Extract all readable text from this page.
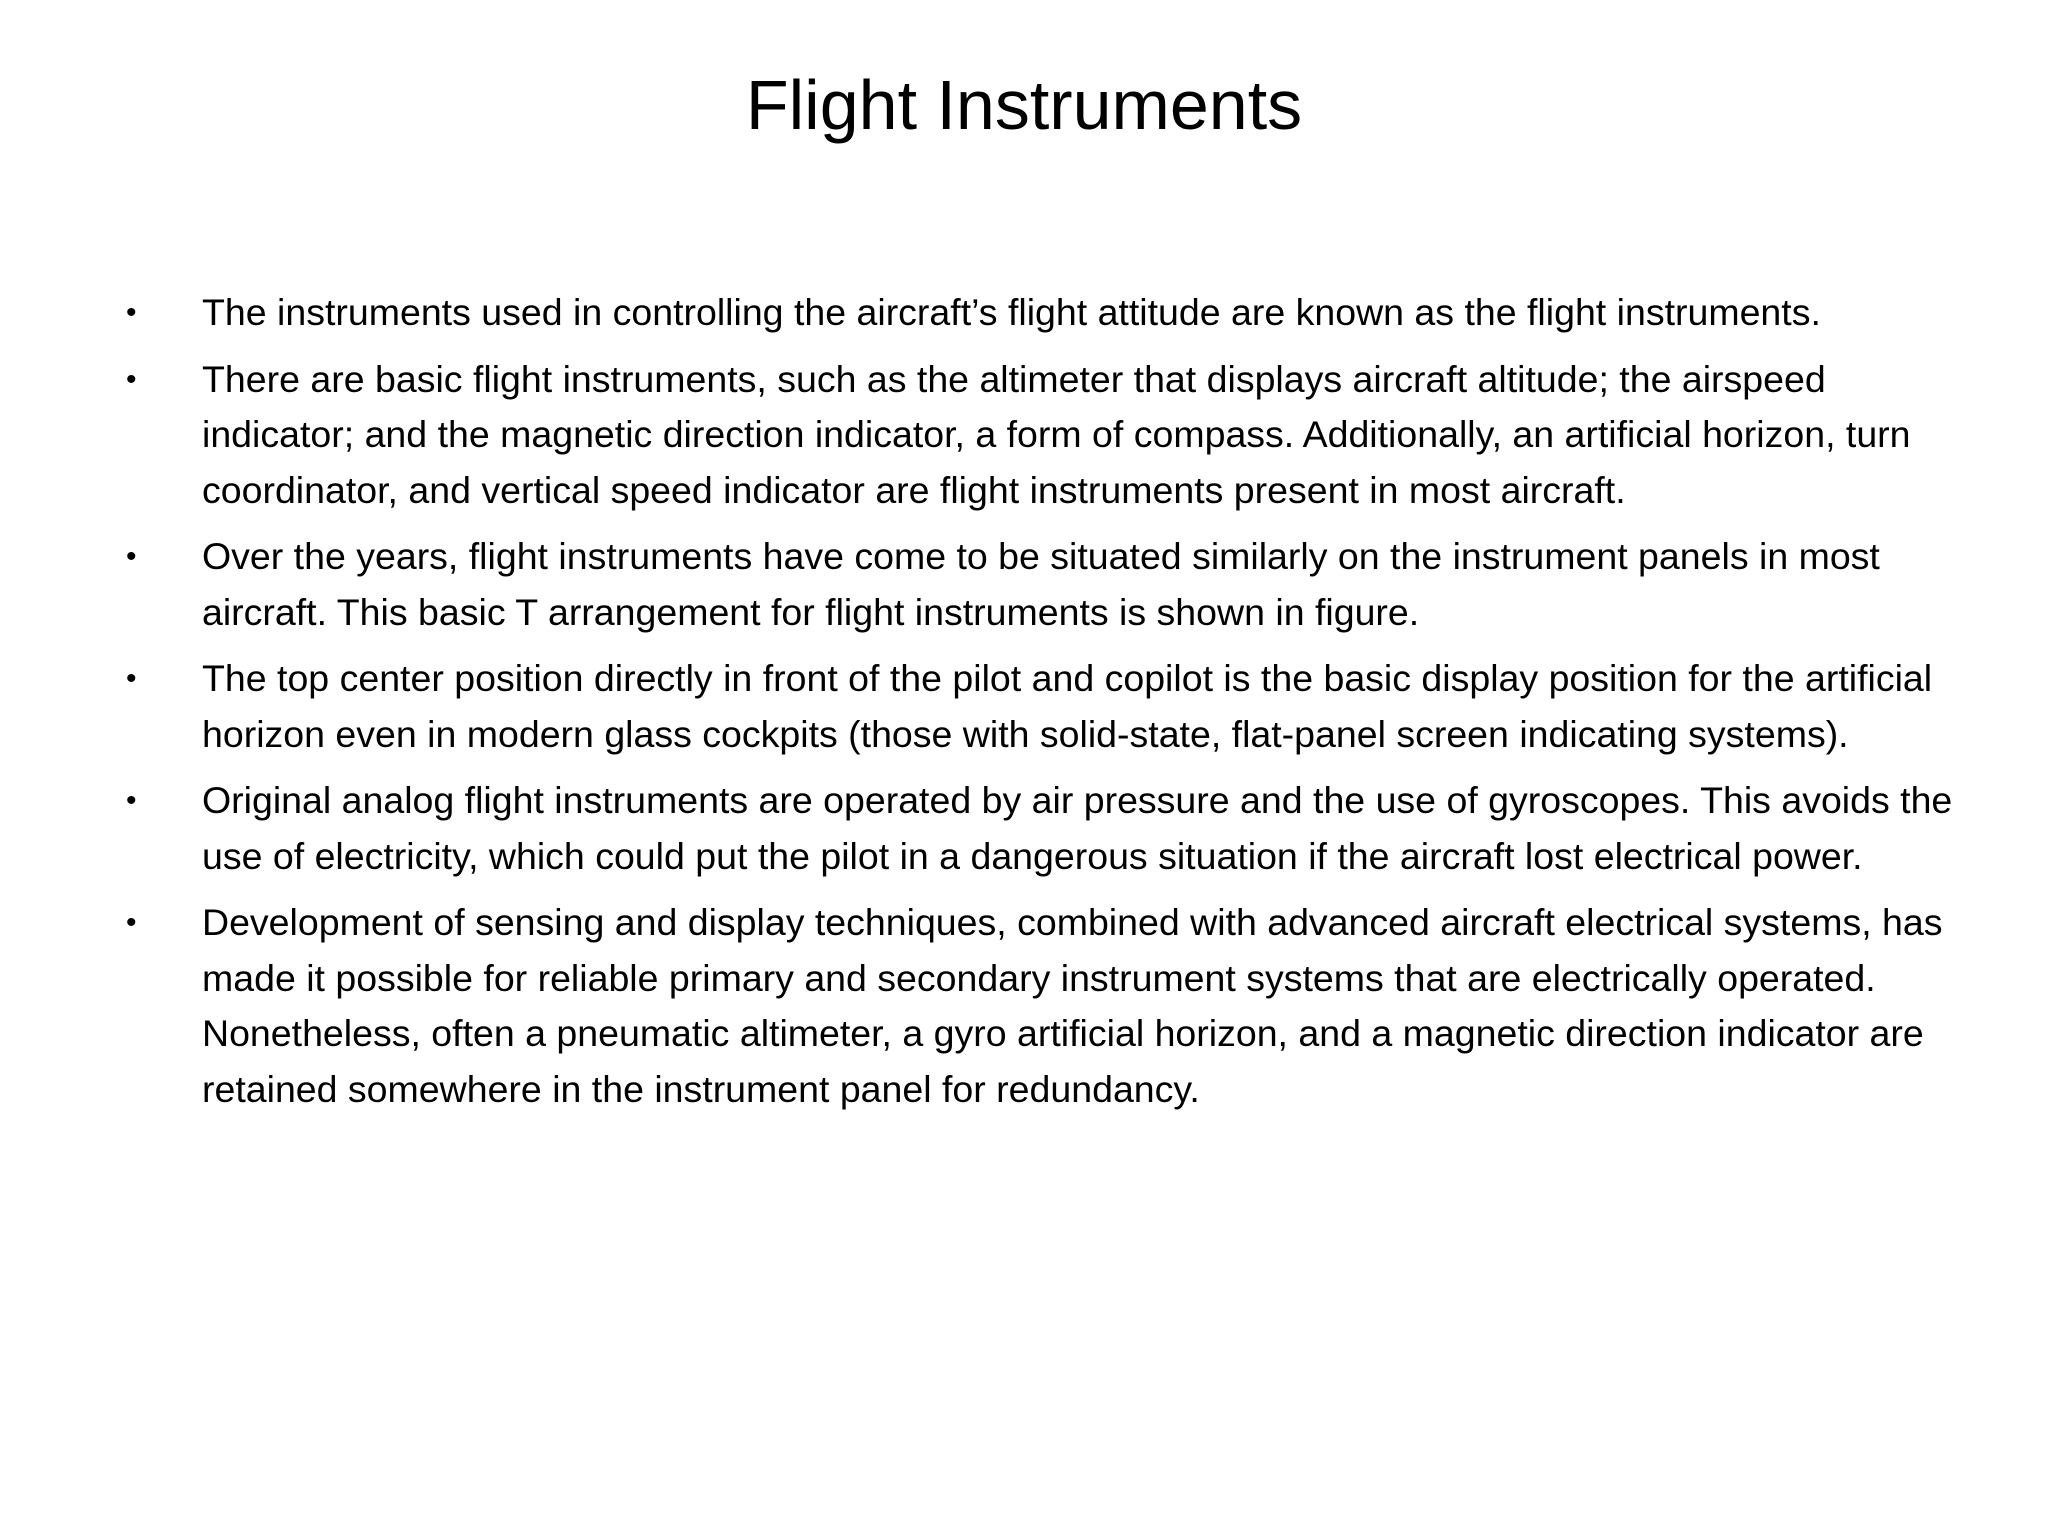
Flight Instruments
• The instruments used in controlling the aircraft’s flight attitude are known as the flight instruments.
• There are basic flight instruments, such as the altimeter that displays aircraft altitude; the airspeed indicator; and the magnetic direction indicator, a form of compass. Additionally, an artificial horizon, turn coordinator, and vertical speed indicator are flight instruments present in most aircraft.
• Over the years, flight instruments have come to be situated similarly on the instrument panels in most aircraft. This basic T arrangement for flight instruments is shown in figure.
• The top center position directly in front of the pilot and copilot is the basic display position for the artificial horizon even in modern glass cockpits (those with solid-state, flat-panel screen indicating systems).
• Original analog flight instruments are operated by air pressure and the use of gyroscopes. This avoids the use of electricity, which could put the pilot in a dangerous situation if the aircraft lost electrical power.
• Development of sensing and display techniques, combined with advanced aircraft electrical systems, has made it possible for reliable primary and secondary instrument systems that are electrically operated. Nonetheless, often a pneumatic altimeter, a gyro artificial horizon, and a magnetic direction indicator are retained somewhere in the instrument panel for redundancy.
